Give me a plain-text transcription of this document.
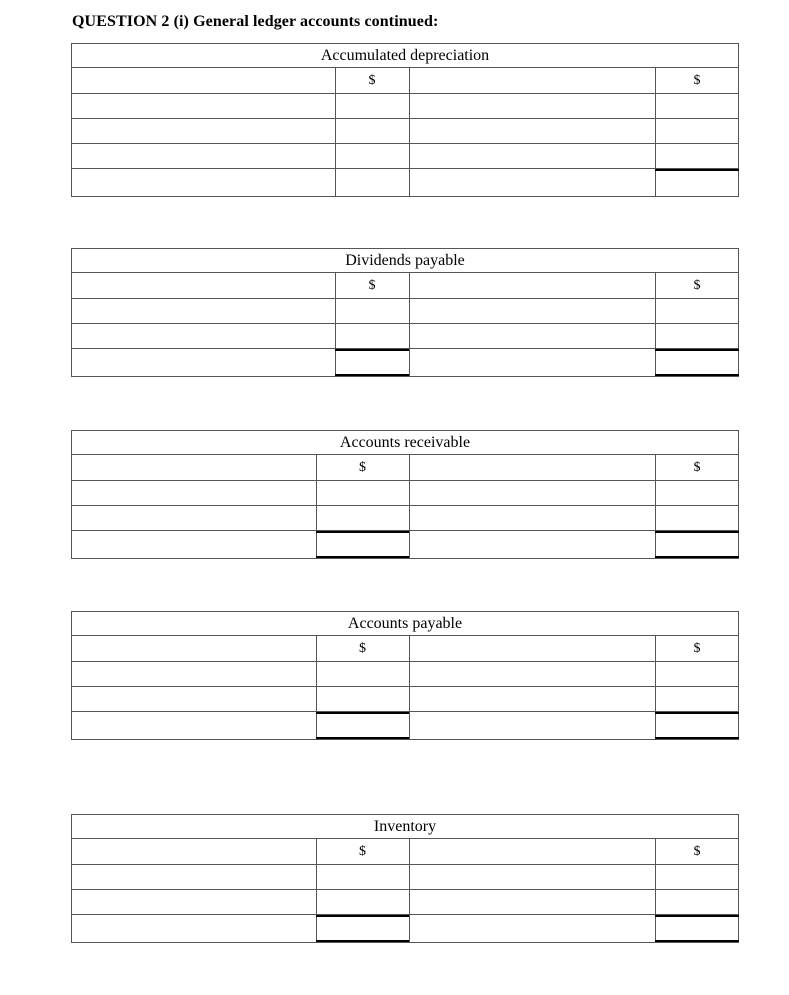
QUESTION 2 (i) General ledger accounts continued:
Accumulated depreciation
$	$
Dividends payable
$	$
Accounts receivable
$	$
Accounts payable
$	$
Inventory
$	$
